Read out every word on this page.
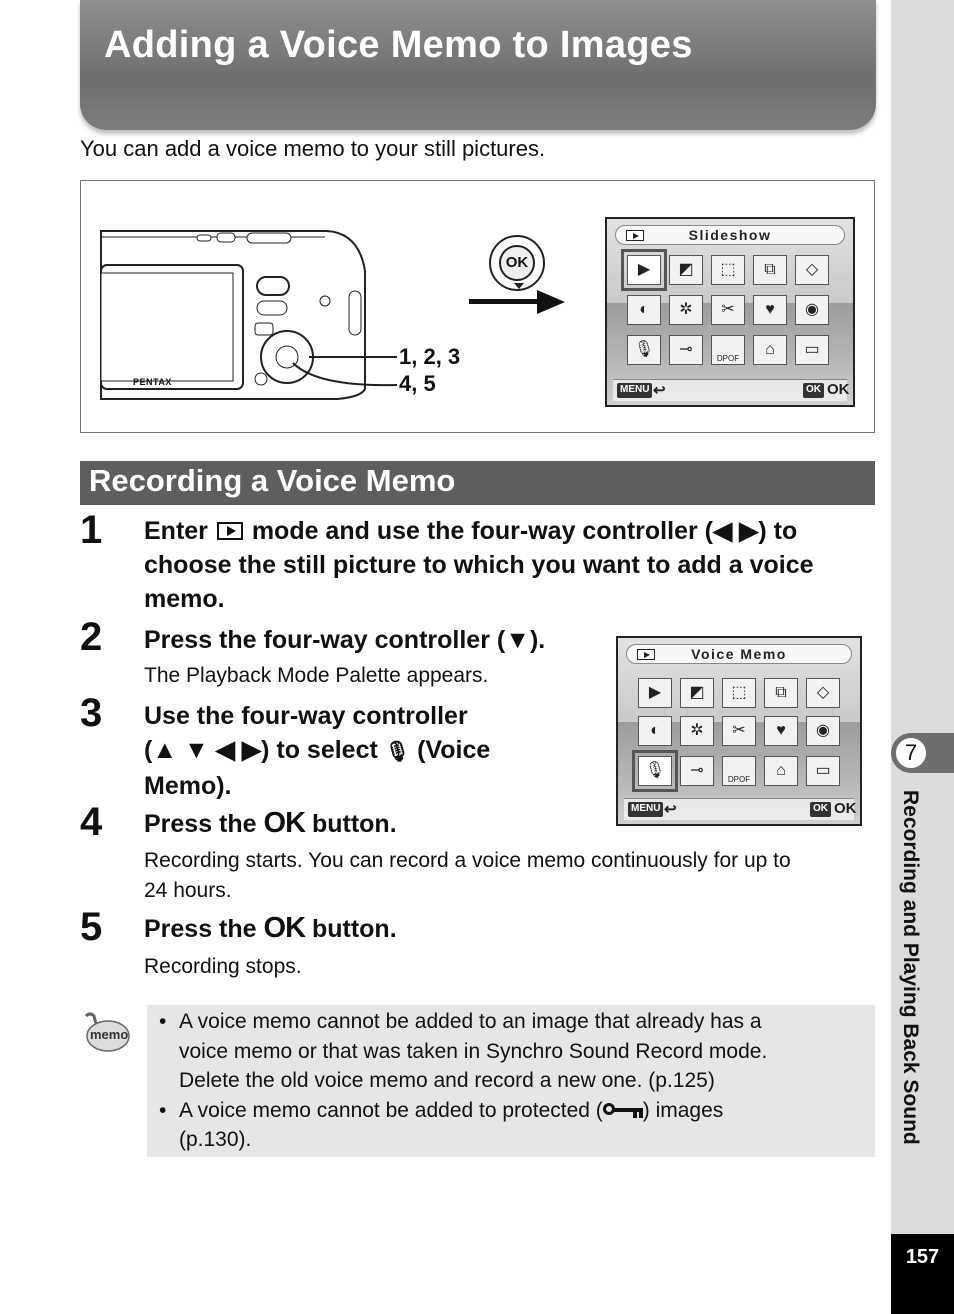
Adding a Voice Memo to Images

You can add a voice memo to your still pictures.

PENTAX
1, 2, 3
4, 5
OK
Slideshow
▶	◩	⬚	⧉	◇
◐	✲	✂	♥	◉
🎙	⊸
DPOF
⌂	▭
MENU ↩	OK OK
Recording a Voice Memo
1 Enter mode and use the four-way controller (◀ ▶) to
choose the still picture to which you want to add a voice
memo.
2 Press the four-way controller (▼).
The Playback Mode Palette appears.
Voice Memo
▶	◩	⬚	⧉	◇
◐	✲	✂	♥	◉
🎙	⊸
DPOF
⌂	▭
MENU ↩	OK OK
3 Use the four-way controller
(▲ ▼ ◀ ▶) to select 🎙 (Voice
Memo).
4 Press the OK button.
Recording starts. You can record a voice memo continuously for up to
24 hours.
5 Press the OK button.
Recording stops.
memo
• A voice memo cannot be added to an image that already has a
voice memo or that was taken in Synchro Sound Record mode.
Delete the old voice memo and record a new one. (p.125)
• A voice memo cannot be added to protected ( ) images
(p.130).
7
Recording and Playing Back Sound
157
